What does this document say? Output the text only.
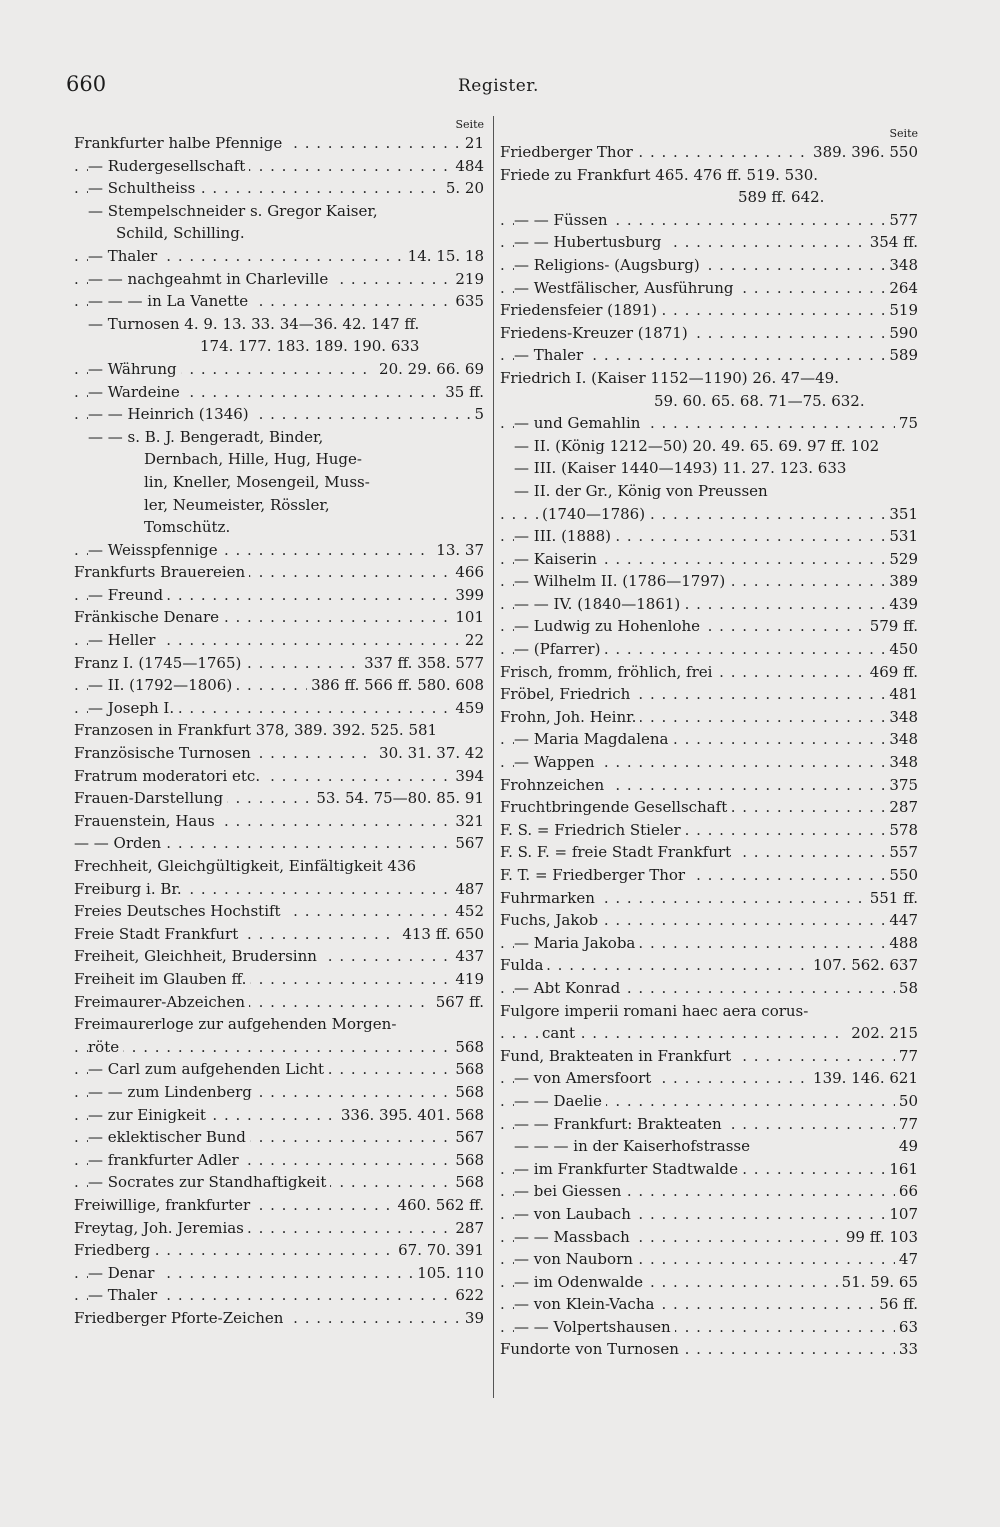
660	Register.
Seite
. . . Frankfurter halbe Pfennige	21
. . . — Rudergesellschaft	484
. . . — Schultheiss	5. 20
— Stempelschneider s. Gregor Kaiser,
Schild, Schilling.
. . . — Thaler	14. 15. 18
. . . — — nachgeahmt in Charleville	219
. . . — — — in La Vanette	635
— Turnosen 4. 9. 13. 33. 34—36. 42. 147 ff.
174. 177. 183. 189. 190. 633
. . . — Währung	20. 29. 66. 69
. . . — Wardeine	35 ff.
. . . — — Heinrich (1346)	5
— — s. B. J. Bengeradt, Binder,
Dernbach, Hille, Hug, Huge-
lin, Kneller, Mosengeil, Muss-
ler, Neumeister, Rössler,
Tomschütz.
. . . — Weisspfennige	13. 37
. . . Frankfurts Brauereien	466
. . . — Freund	399
. . . Fränkische Denare	101
. . . — Heller	22
. . . Franz I. (1745—1765)	337 ff. 358. 577
. . . — II. (1792—1806)	386 ff. 566 ff. 580. 608
. . . — Joseph I.	459
Franzosen in Frankfurt 378, 389. 392. 525. 581
. . . Französische Turnosen	30. 31. 37. 42
. . . Fratrum moderatori etc.	394
. . . Frauen-Darstellung	53. 54. 75—80. 85. 91
. . . Frauenstein, Haus	321
. . . — — Orden	567
Frechheit, Gleichgültigkeit, Einfältigkeit 436
. . . Freiburg i. Br.	487
. . . Freies Deutsches Hochstift	452
. . . Freie Stadt Frankfurt	413 ff. 650
. . . Freiheit, Gleichheit, Brudersinn	437
. . . Freiheit im Glauben ff.	419
. . . Freimaurer-Abzeichen	567 ff.
Freimaurerloge zur aufgehenden Morgen-
. . . röte	568
. . . — Carl zum aufgehenden Licht	568
. . . — — zum Lindenberg	568
. . . — zur Einigkeit	336. 395. 401. 568
. . . — eklektischer Bund	567
. . . — frankfurter Adler	568
. . . — Socrates zur Standhaftigkeit	568
. . . Freiwillige, frankfurter	460. 562 ff.
. . . Freytag, Joh. Jeremias	287
. . . Friedberg	67. 70. 391
. . . — Denar	105. 110
. . . — Thaler	622
. . . Friedberger Pforte-Zeichen	39
Seite
. . . Friedberger Thor	389. 396. 550
Friede zu Frankfurt 465. 476 ff. 519. 530.
589 ff. 642.
. . . — — Füssen	577
. . . — — Hubertusburg	354 ff.
. . . — Religions- (Augsburg)	348
. . . — Westfälischer, Ausführung	264
. . . Friedensfeier (1891)	519
. . . Friedens-Kreuzer (1871)	590
. . . — Thaler	589
Friedrich I. (Kaiser 1152—1190) 26. 47—49.
59. 60. 65. 68. 71—75. 632.
. . . — und Gemahlin	75
— II. (König 1212—50) 20. 49. 65. 69. 97 ff. 102
— III. (Kaiser 1440—1493) 11. 27. 123. 633
— II. der Gr., König von Preussen
. . . (1740—1786)	351
. . . — III. (1888)	531
. . . — Kaiserin	529
. . . — Wilhelm II. (1786—1797)	389
. . . — — IV. (1840—1861)	439
. . . — Ludwig zu Hohenlohe	579 ff.
. . . — (Pfarrer)	450
. . . Frisch, fromm, fröhlich, frei	469 ff.
. . . Fröbel, Friedrich	481
. . . Frohn, Joh. Heinr.	348
. . . — Maria Magdalena	348
. . . — Wappen	348
. . . Frohnzeichen	375
. . . Fruchtbringende Gesellschaft	287
. . . F. S. = Friedrich Stieler	578
. . . F. S. F. = freie Stadt Frankfurt	557
. . . F. T. = Friedberger Thor	550
. . . Fuhrmarken	551 ff.
. . . Fuchs, Jakob	447
. . . — Maria Jakoba	488
. . . Fulda	107. 562. 637
. . . — Abt Konrad	58
Fulgore imperii romani haec aera corus-
. . . cant	202. 215
. . . Fund, Brakteaten in Frankfurt	77
. . . — von Amersfoort	139. 146. 621
. . . — — Daelie	50
. . . — — Frankfurt: Brakteaten	77
— — — in der Kaiserhofstrasse	49
. . . — im Frankfurter Stadtwalde	161
. . . — bei Giessen	66
. . . — von Laubach	107
. . . — — Massbach	99 ff. 103
. . . — von Nauborn	47
. . . — im Odenwalde	51. 59. 65
. . . — von Klein-Vacha	56 ff.
. . . — — Volpertshausen	63
. . . Fundorte von Turnosen	33
